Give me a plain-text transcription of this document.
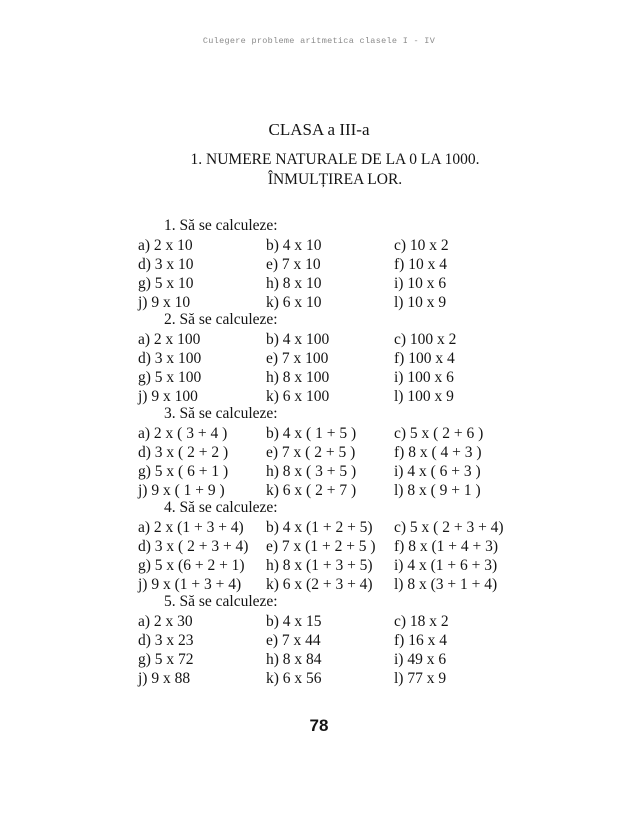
Culegere probleme aritmetica clasele I - IV
CLASA a III-a
1. NUMERE NATURALE DE LA 0 LA 1000.
ÎNMULȚIREA LOR.
1. Să se calculeze:
a) 2 x 10	b) 4 x 10	c) 10 x 2
d) 3 x 10	e) 7 x 10	f) 10 x 4
g) 5 x 10	h) 8 x 10	i) 10 x 6
j) 9 x 10	k) 6 x 10	l) 10 x 9
2. Să se calculeze:
a) 2 x 100	b) 4 x 100	c) 100 x 2
d) 3 x 100	e) 7 x 100	f) 100 x 4
g) 5 x 100	h) 8 x 100	i) 100 x 6
j) 9 x 100	k) 6 x 100	l) 100 x 9
3. Să se calculeze:
a) 2 x ( 3 + 4 )	b) 4 x ( 1 + 5 ) c) 5 x ( 2 + 6 )
d) 3 x ( 2 + 2 ) e) 7 x ( 2 + 5 )	f) 8 x ( 4 + 3 )
g) 5 x ( 6 + 1 ) h) 8 x ( 3 + 5 ) i) 4 x ( 6 + 3 )
j) 9 x ( 1 + 9 )	k) 6 x ( 2 + 7 ) l) 8 x ( 9 + 1 )
4. Să se calculeze:
a) 2 x (1 + 3 + 4) b) 4 x (1 + 2 + 5) c) 5 x ( 2 + 3 + 4)
d) 3 x ( 2 + 3 + 4) e) 7 x (1 + 2 + 5 ) f) 8 x (1 + 4 + 3)
g) 5 x (6 + 2 + 1) h) 8 x (1 + 3 + 5) i) 4 x (1 + 6 + 3)
j) 9 x (1 + 3 + 4) k) 6 x (2 + 3 + 4) l) 8 x (3 + 1 + 4)
5. Să se calculeze:
a) 2 x 30	b) 4 x 15	c) 18 x 2
d) 3 x 23	e) 7 x 44	f) 16 x 4
g) 5 x 72	h) 8 x 84	i) 49 x 6
j) 9 x 88	k) 6 x 56	l) 77 x 9
78
